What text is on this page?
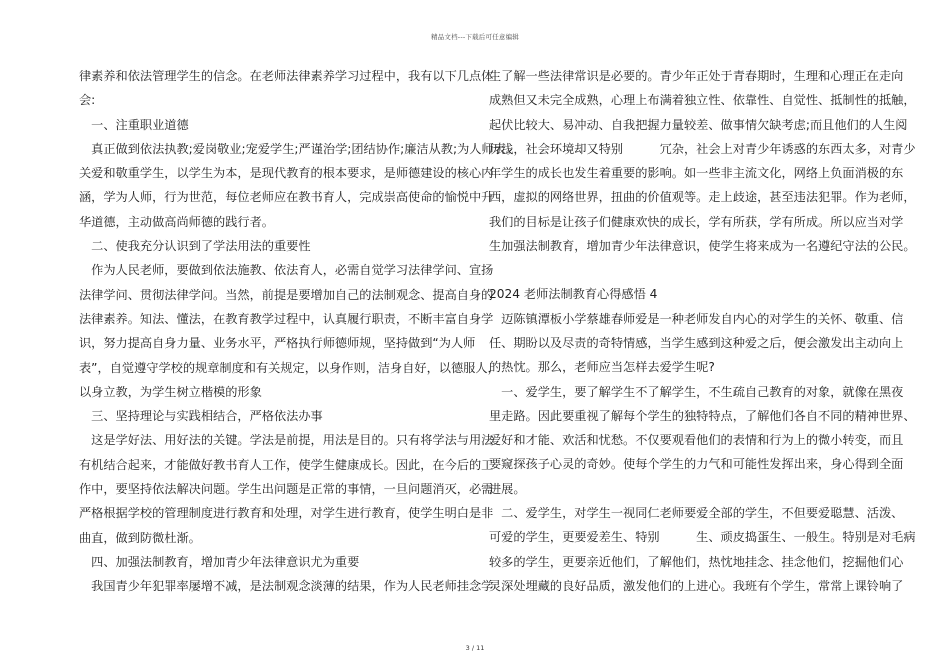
精品文档---下载后可任意编辑
律素养和依法管理学生的信念。在老师法律素养学习过程中，我有以下几点体
会:
　一、注重职业道德
　真正做到依法执教;爱岗敬业;宠爱学生;严谨治学;团结协作;廉洁从教;为人师表。
关爱和敬重学生，以学生为本，是现代教育的根本要求，是师德建设的核心内
涵，学为人师，行为世范，每位老师应在教书育人，完成崇高使命的愉悦中升
华道德，主动做高尚师德的践行者。
　二、使我充分认识到了学法用法的重要性
　作为人民老师，要做到依法施教、依法育人，必需自觉学习法律学问、宣扬
法律学问、贯彻法律学问。当然，前提是要增加自己的法制观念、提高自身的
法律素养。知法、懂法，在教育教学过程中，认真履行职责，不断丰富自身学
识，努力提高自身力量、业务水平，严格执行师德师规，坚持做到“为人师
表”，自觉遵守学校的规章制度和有关规定，以身作则，洁身自好，以德服人，
以身立教，为学生树立楷模的形象
　三、坚持理论与实践相结合，严格依法办事
　这是学好法、用好法的关键。学法是前提，用法是目的。只有将学法与用法
有机结合起来，才能做好教书育人工作，使学生健康成长。因此，在今后的工
作中，要坚持依法解决问题。学生出问题是正常的事情，一旦问题消灭，必需
严格根据学校的管理制度进行教育和处理，对学生进行教育，使学生明白是非
曲直，做到防微杜渐。
　四、加强法制教育，增加青少年法律意识尤为重要
　我国青少年犯罪率屡增不减，是法制观念淡薄的结果，作为人民老师挂念学
生了解一些法律常识是必要的。青少年正处于青春期时，生理和心理正在走向
成熟但又未完全成熟，心理上布满着独立性、依靠性、自觉性、抵制性的抵触，
起伏比较大、易冲动、自我把握力量较差、做事情欠缺考虑;而且他们的人生阅
历浅，社会环境却又特别　　　冗杂，社会上对青少年诱惑的东西太多，对青少
年学生的成长也发生着重要的影响。如一些非主流文化，网络上负面消极的东
西，虚拟的网络世界，扭曲的价值观等。走上歧途，甚至违法犯罪。作为老师，
我们的目标是让孩子们健康欢快的成长，学有所获，学有所成。所以应当对学
生加强法制教育，增加青少年法律意识，使学生将来成为一名遵纪守法的公民。
2024 老师法制教育心得感悟 4
　迈陈镇潭板小学蔡雄春师爱是一种老师发自内心的对学生的关怀、敬重、信
任、期盼以及尽责的奇特情感，当学生感到这种爱之后，便会激发出主动向上
的热忱。那么，老师应当怎样去爱学生呢?
　一、爱学生，要了解学生不了解学生，不生疏自己教育的对象，就像在黑夜
里走路。因此要重视了解每个学生的独特特点，了解他们各自不同的精神世界、
爱好和才能、欢活和忧愁。不仅要观看他们的表情和行为上的微小转变，而且
要窥探孩子心灵的奇妙。使每个学生的力气和可能性发挥出来，身心得到全面
进展。
　二、爱学生，对学生一视同仁老师要爱全部的学生，不但要爱聪慧、活泼、
可爱的学生，更要爱差生、特别　　　生、顽皮捣蛋生、一般生。特别是对毛病
较多的学生，更要亲近他们，了解他们，热忱地挂念、挂念他们，挖掘他们心
灵深处埋藏的良好品质，激发他们的上进心。我班有个学生，常常上课铃响了
3 / 11
